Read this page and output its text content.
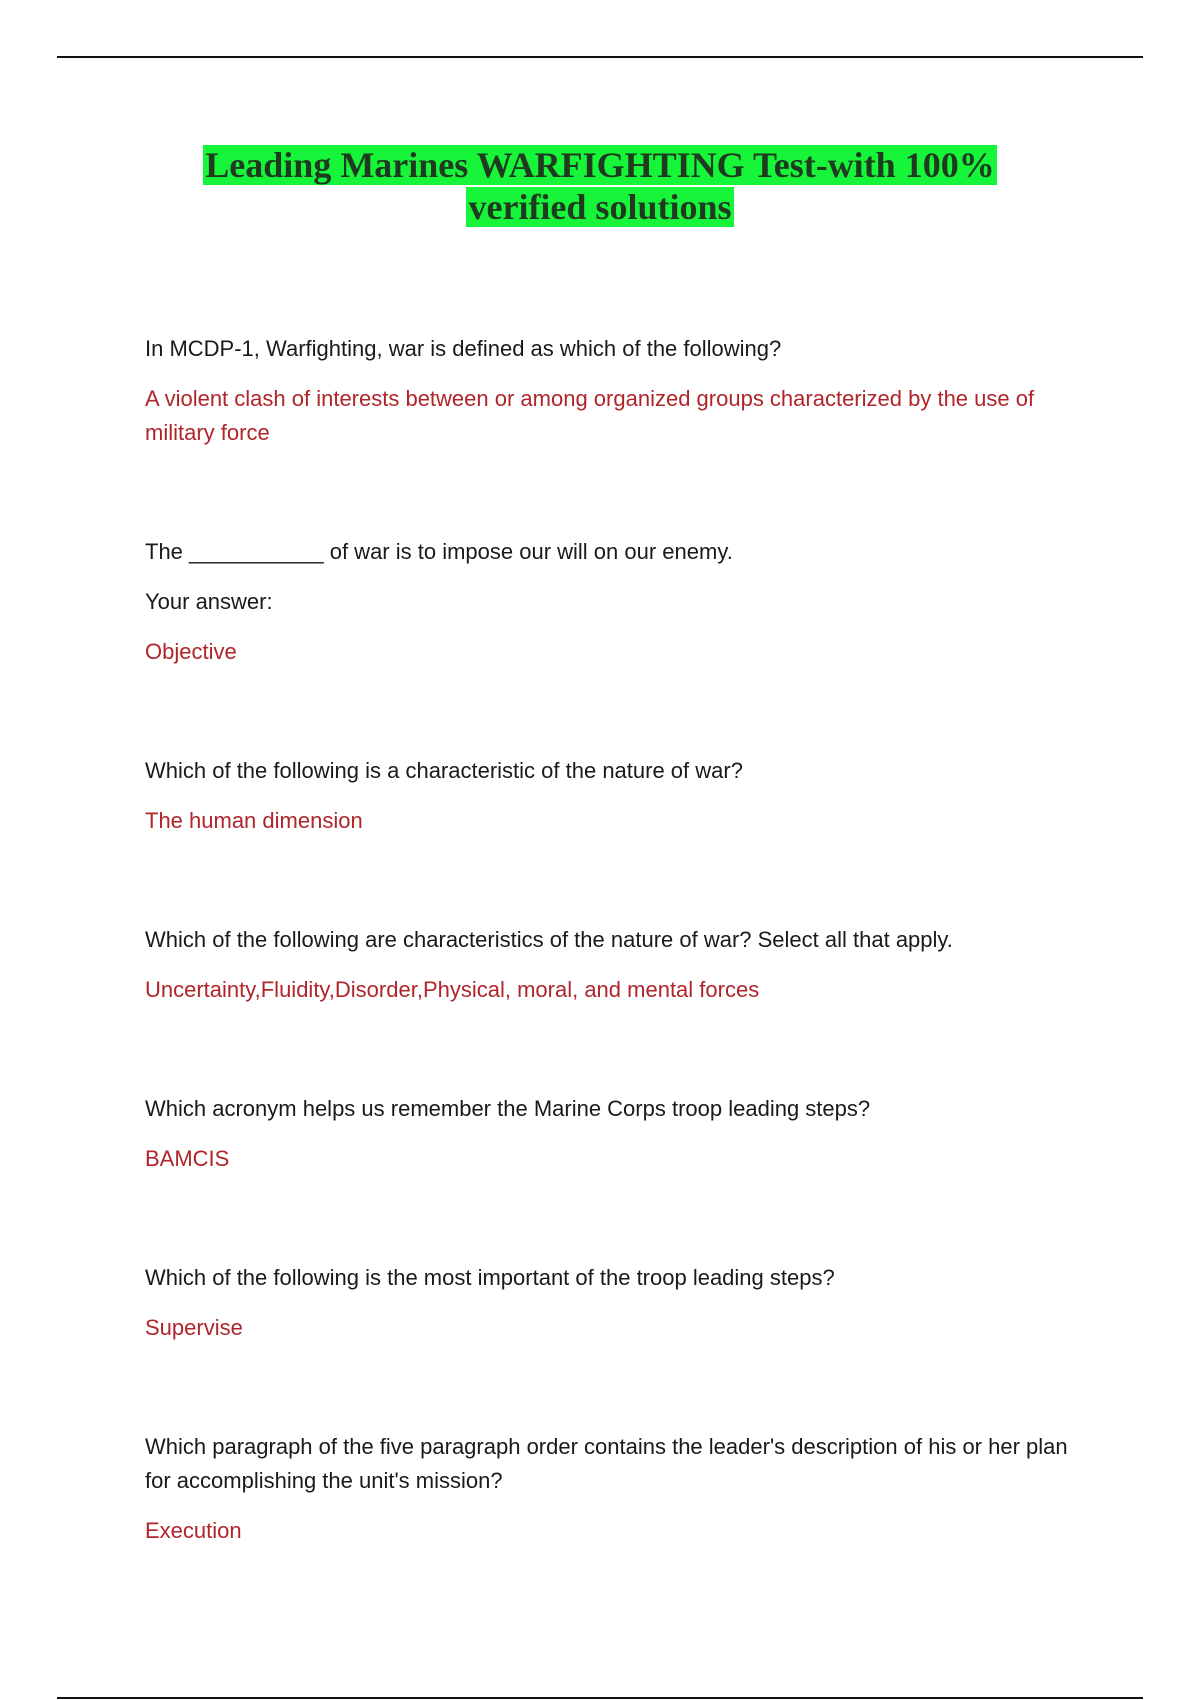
Leading Marines WARFIGHTING Test-with 100%
verified solutions

In MCDP-1, Warfighting, war is defined as which of the following?

A violent clash of interests between or among organized groups characterized by the use of military force

The ___________ of war is to impose our will on our enemy.

Your answer:

Objective

Which of the following is a characteristic of the nature of war?

The human dimension

Which of the following are characteristics of the nature of war? Select all that apply.

Uncertainty,Fluidity,Disorder,Physical, moral, and mental forces

Which acronym helps us remember the Marine Corps troop leading steps?

BAMCIS

Which of the following is the most important of the troop leading steps?

Supervise

Which paragraph of the five paragraph order contains the leader's description of his or her plan for accomplishing the unit's mission?

Execution
